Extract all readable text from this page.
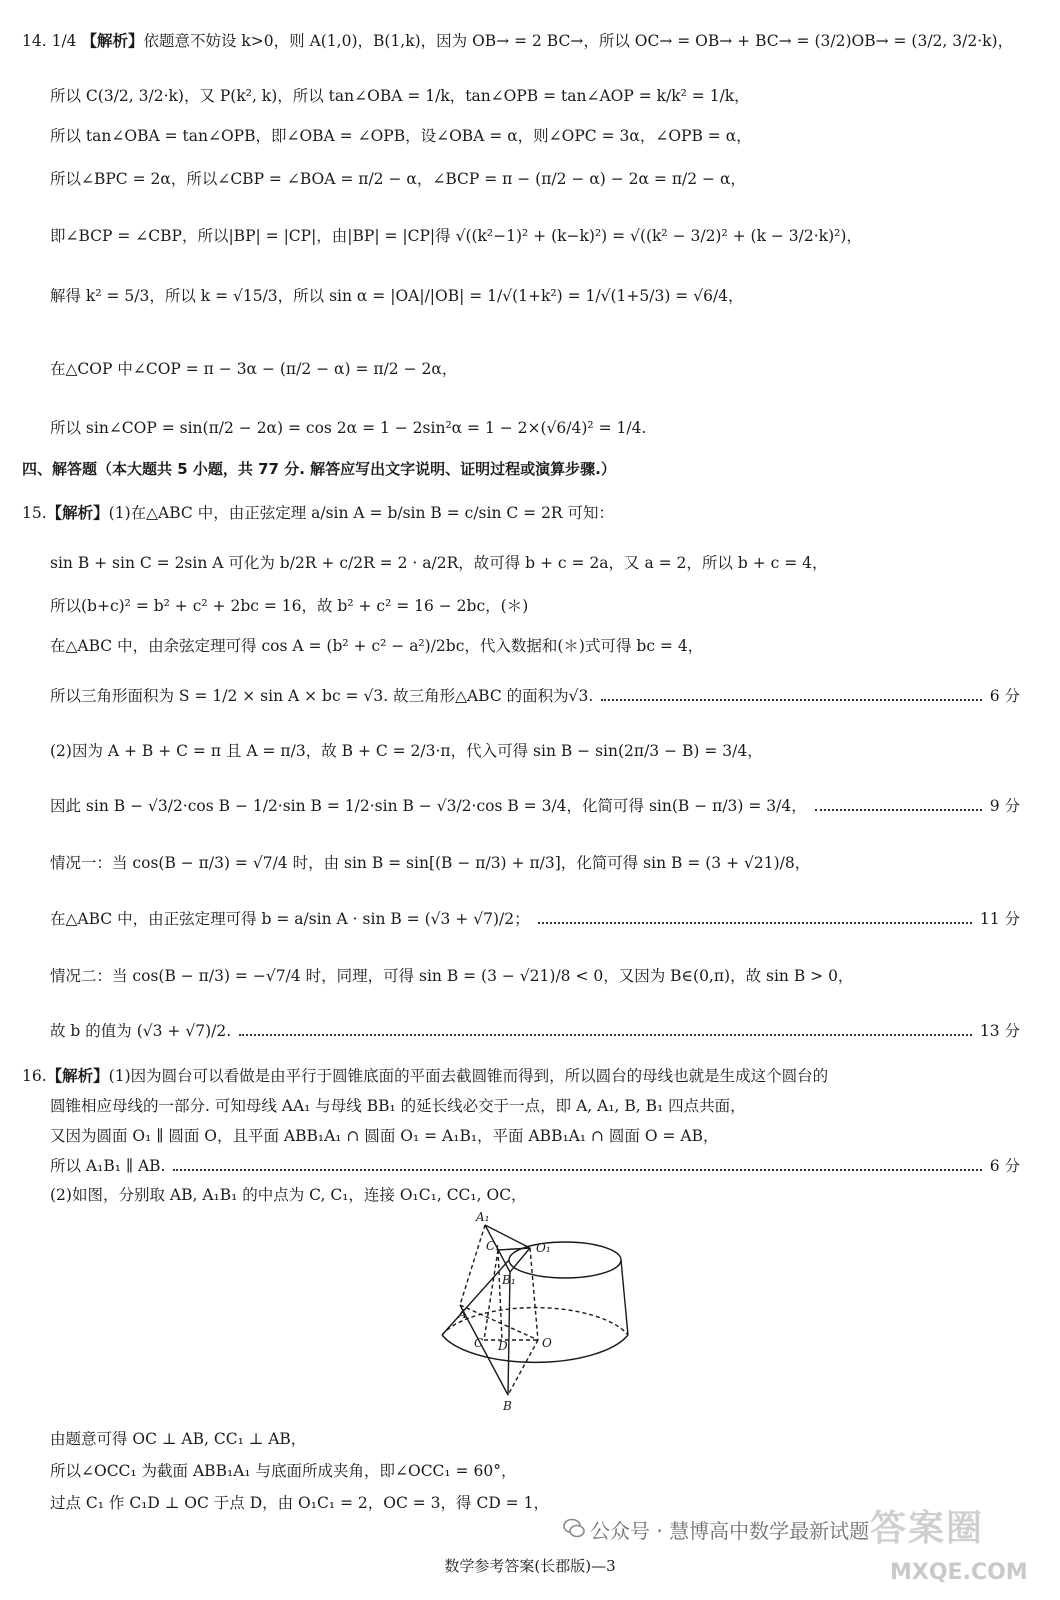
14. 1/4 【解析】依题意不妨设 k>0，则 A(1,0)，B(1,k)，因为 OB→ = 2 BC→，所以 OC→ = OB→ + BC→ = (3/2)OB→ = (3/2, 3/2·k)，
所以 C(3/2, 3/2·k)，又 P(k², k)，所以 tan∠OBA = 1/k，tan∠OPB = tan∠AOP = k/k² = 1/k，
所以 tan∠OBA = tan∠OPB，即∠OBA = ∠OPB，设∠OBA = α，则∠OPC = 3α，∠OPB = α，
所以∠BPC = 2α，所以∠CBP = ∠BOA = π/2 − α，∠BCP = π − (π/2 − α) − 2α = π/2 − α，
即∠BCP = ∠CBP，所以|BP| = |CP|，由|BP| = |CP|得 √((k²−1)² + (k−k)²) = √((k² − 3/2)² + (k − 3/2·k)²)，
解得 k² = 5/3，所以 k = √15/3，所以 sin α = |OA|/|OB| = 1/√(1+k²) = 1/√(1+5/3) = √6/4，
在△COP 中∠COP = π − 3α − (π/2 − α) = π/2 − 2α，
所以 sin∠COP = sin(π/2 − 2α) = cos 2α = 1 − 2sin²α = 1 − 2×(√6/4)² = 1/4.
四、解答题（本大题共 5 小题，共 77 分. 解答应写出文字说明、证明过程或演算步骤.）
15.【解析】(1)在△ABC 中，由正弦定理 a/sin A = b/sin B = c/sin C = 2R 可知：
sin B + sin C = 2sin A 可化为 b/2R + c/2R = 2 · a/2R，故可得 b + c = 2a，又 a = 2，所以 b + c = 4，
所以(b+c)² = b² + c² + 2bc = 16，故 b² + c² = 16 − 2bc，(＊)
在△ABC 中，由余弦定理可得 cos A = (b² + c² − a²)/2bc，代入数据和(＊)式可得 bc = 4，
所以三角形面积为 S = 1/2 × sin A × bc = √3. 故三角形△ABC 的面积为√3.	6 分
(2)因为 A + B + C = π 且 A = π/3，故 B + C = 2/3·π，代入可得 sin B − sin(2π/3 − B) = 3/4，
因此 sin B − √3/2·cos B − 1/2·sin B = 1/2·sin B − √3/2·cos B = 3/4，化简可得 sin(B − π/3) = 3/4，	9 分
情况一：当 cos(B − π/3) = √7/4 时，由 sin B = sin[(B − π/3) + π/3]，化简可得 sin B = (3 + √21)/8，
在△ABC 中，由正弦定理可得 b = a/sin A · sin B = (√3 + √7)/2；	11 分
情况二：当 cos(B − π/3) = −√7/4 时，同理，可得 sin B = (3 − √21)/8 < 0，又因为 B∈(0,π)，故 sin B > 0，
故 b 的值为 (√3 + √7)/2.	13 分
16.【解析】(1)因为圆台可以看做是由平行于圆锥底面的平面去截圆锥而得到，所以圆台的母线也就是生成这个圆台的
圆锥相应母线的一部分. 可知母线 AA₁ 与母线 BB₁ 的延长线必交于一点，即 A, A₁, B, B₁ 四点共面，
又因为圆面 O₁ ∥ 圆面 O，且平面 ABB₁A₁ ∩ 圆面 O₁ = A₁B₁，平面 ABB₁A₁ ∩ 圆面 O = AB，
所以 A₁B₁ ∥ AB.	6 分
(2)如图，分别取 AB, A₁B₁ 的中点为 C, C₁，连接 O₁C₁, CC₁, OC，
A₁
C₁	O₁
B₁
A
C D	O
B
由题意可得 OC ⊥ AB, CC₁ ⊥ AB，
所以∠OCC₁ 为截面 ABB₁A₁ 与底面所成夹角，即∠OCC₁ = 60°，
过点 C₁ 作 C₁D ⊥ OC 于点 D，由 O₁C₁ = 2，OC = 3，得 CD = 1，
公众号 · 慧博高中数学最新试题 答案圈
MXQE.COM
数学参考答案(长郡版)—3
